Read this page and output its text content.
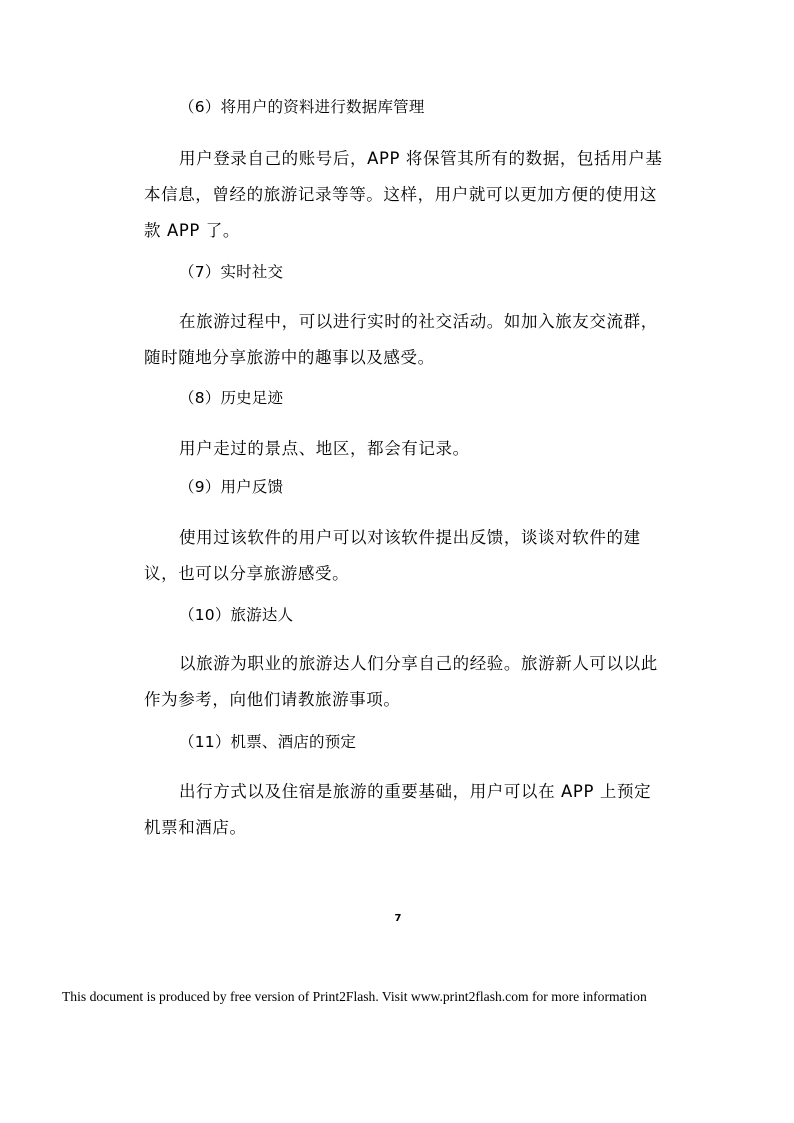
（6）将用户的资料进行数据库管理
用户登录自己的账号后，APP 将保管其所有的数据，包括用户基本信息，曾经的旅游记录等等。这样，用户就可以更加方便的使用这款 APP 了。
（7）实时社交
在旅游过程中，可以进行实时的社交活动。如加入旅友交流群，随时随地分享旅游中的趣事以及感受。
（8）历史足迹
用户走过的景点、地区，都会有记录。
（9）用户反馈
使用过该软件的用户可以对该软件提出反馈，谈谈对软件的建议，也可以分享旅游感受。
（10）旅游达人
以旅游为职业的旅游达人们分享自己的经验。旅游新人可以以此作为参考，向他们请教旅游事项。
（11）机票、酒店的预定
出行方式以及住宿是旅游的重要基础，用户可以在 APP 上预定机票和酒店。
7
This document is produced by free version of Print2Flash. Visit www.print2flash.com for more information
